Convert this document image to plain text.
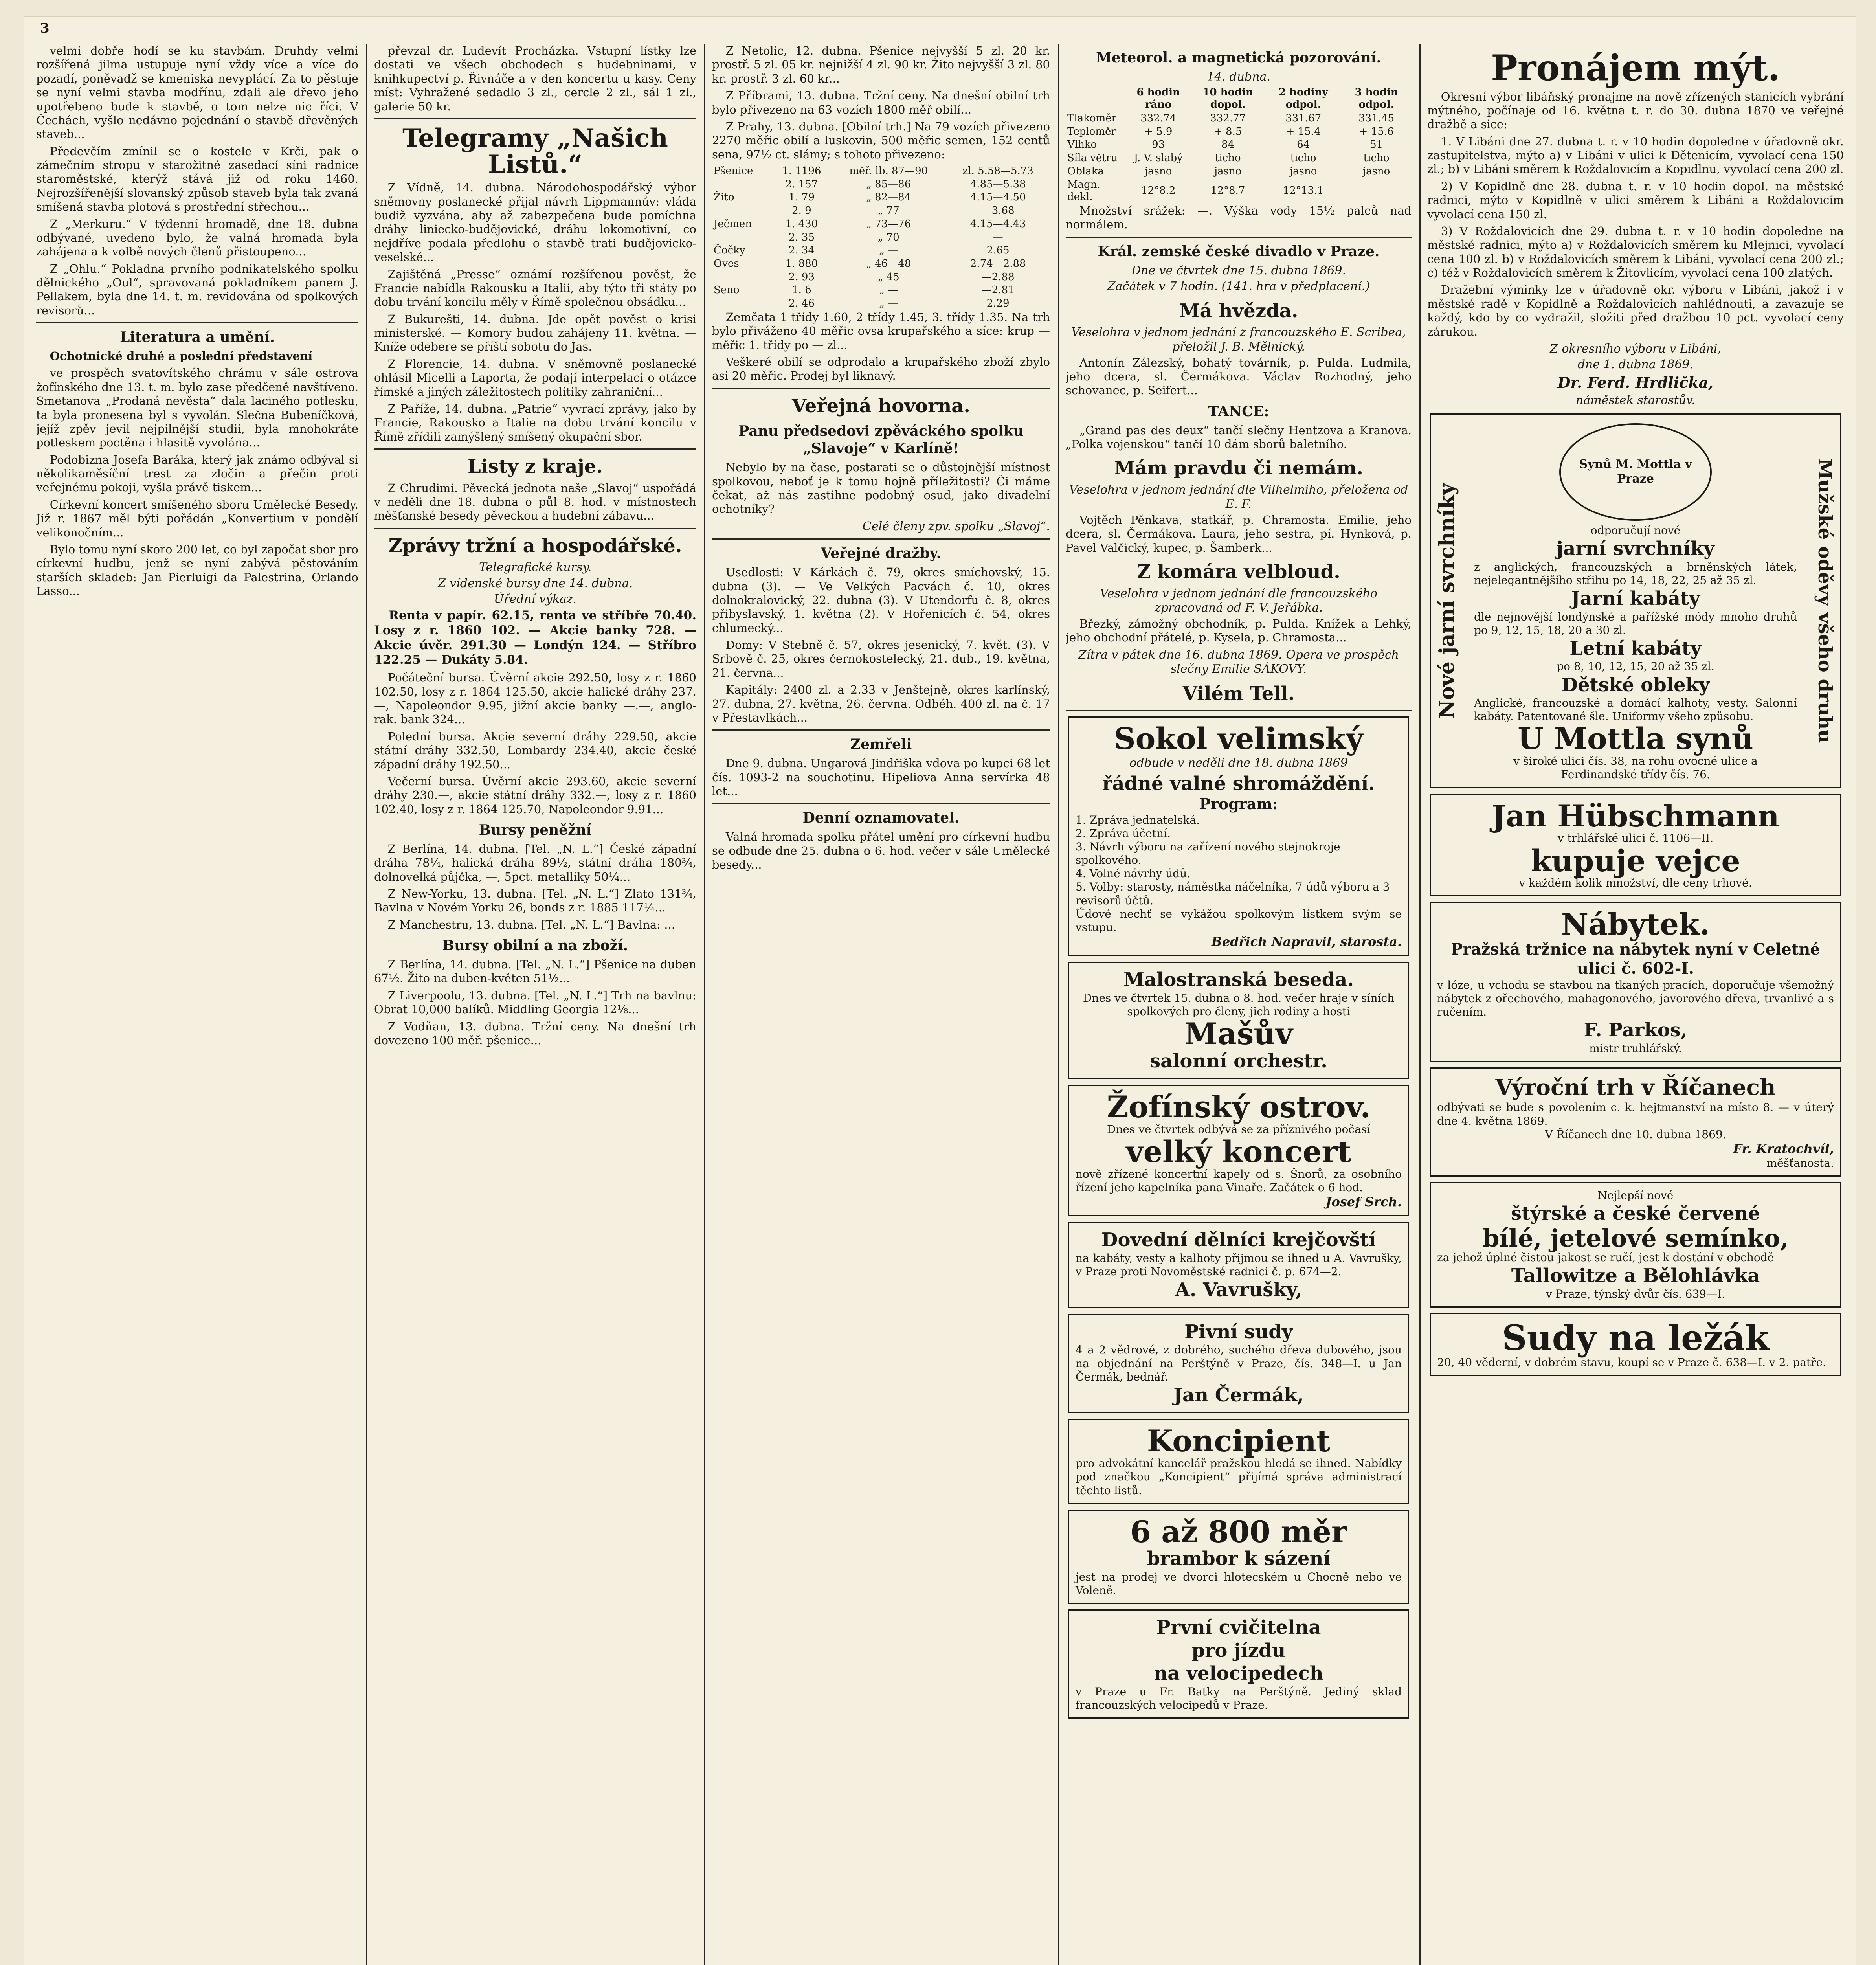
3

velmi dobře hodí se ku stavbám. Druhdy velmi rozšířená jilma ustupuje nyní vždy více a více do pozadí, poněvadž se kmeniska nevyplácí. Za to pěstuje se nyní velmi stavba modřínu, zdali ale dřevo jeho upotřebeno bude k stavbě, o tom nelze nic říci. V Čechách, vyšlo nedávno pojednání o stavbě dřevěných staveb...

Předevčím zmínil se o kostele v Krči, pak o zámečním stropu v starožitné zasedací síni radnice staroměstské, kterýž stává již od roku 1460. Nejrozšířenější slovanský způsob staveb byla tak zvaná smíšená stavba plotová s prostřední střechou...

Z „Merkuru.“ V týdenní hromadě, dne 18. dubna odbývané, uvedeno bylo, že valná hromada byla zahájena a k volbě nových členů přistoupeno...

Z „Ohlu.“ Pokladna prvního podnikatelského spolku dělnického „Oul“, spravovaná pokladníkem panem J. Pellakem, byla dne 14. t. m. revidována od spolkových revisorů...

Literatura a umění.

Ochotnické druhé a poslední představení

ve prospěch svatovítského chrámu v sále ostrova žofínského dne 13. t. m. bylo zase předčeně navštíveno. Smetanova „Prodaná nevěsta“ dala laciného potlesku, ta byla pronesena byl s vyvolán. Slečna Bubeníčková, jejíž zpěv jevil nejpilnější studii, byla mnohokráte potleskem poctěna i hlasitě vyvolána...

Podobizna Josefa Baráka, který jak známo odbýval si několikaměsíční trest za zločin a přečin proti veřejnému pokoji, vyšla právě tiskem...

Církevní koncert smíšeného sboru Umělecké Besedy. Již r. 1867 měl býti pořádán „Konvertium v pondělí velikonočním...

Bylo tomu nyní skoro 200 let, co byl započat sbor pro církevní hudbu, jenž se nyní zabývá pěstováním starších skladeb: Jan Pierluigi da Palestrina, Orlando Lasso...

převzal dr. Ludevít Procházka. Vstupní lístky lze dostati ve všech obchodech s hudebninami, v knihkupectví p. Řivnáče a v den koncertu u kasy. Ceny míst: Vyhražené sedadlo 3 zl., cercle 2 zl., sál 1 zl., galerie 50 kr.

Telegramy „Našich Listů.“

Z Vídně, 14. dubna. Národohospodářský výbor sněmovny poslanecké přijal návrh Lippmannův: vláda budiž vyzvána, aby až zabezpečena bude pomíchna dráhy liniecko-budějovické, dráhu lokomotivní, co nejdříve podala předlohu o stavbě trati budějovicko-veselské...

Zajištěná „Presse“ oznámí rozšířenou pověst, že Francie nabídla Rakousku a Italii, aby týto tři státy po dobu trvání koncilu měly v Římě společnou obsádku...

Z Bukurešti, 14. dubna. Jde opět pověst o krisi ministerské. — Komory budou zahájeny 11. května. — Kníže odebere se příští sobotu do Jas.

Z Florencie, 14. dubna. V sněmovně poslanecké ohlásil Micelli a Laporta, že podají interpelaci o otázce římské a jiných záležitostech politiky zahraniční...

Z Paříže, 14. dubna. „Patrie“ vyvrací zprávy, jako by Francie, Rakousko a Italie na dobu trvání koncilu v Římě zřídili zamýšlený smíšený okupační sbor.

Listy z kraje.

Z Chrudimi. Pěvecká jednota naše „Slavoj“ uspořádá v neděli dne 18. dubna o půl 8. hod. v místnostech měšťanské besedy pěveckou a hudební zábavu...

Zprávy tržní a hospodářské.
Telegrafické kursy.
Z vídenské bursy dne 14. dubna.
Úřední výkaz.

Renta v papír. 62.15, renta ve stříbře 70.40. Losy z r. 1860 102. — Akcie banky 728. — Akcie úvěr. 291.30 — Londýn 124. — Stříbro 122.25 — Dukáty 5.84.

Počáteční bursa. Úvěrní akcie 292.50, losy z r. 1860 102.50, losy z r. 1864 125.50, akcie halické dráhy 237.—, Napoleondor 9.95, jižní akcie banky —.—, anglo-rak. bank 324...

Polední bursa. Akcie severní dráhy 229.50, akcie státní dráhy 332.50, Lombardy 234.40, akcie české západní dráhy 192.50...

Večerní bursa. Úvěrní akcie 293.60, akcie severní dráhy 230.—, akcie státní dráhy 332.—, losy z r. 1860 102.40, losy z r. 1864 125.70, Napoleondor 9.91...

Bursy peněžní

Z Berlína, 14. dubna. [Tel. „N. L.“] České západní dráha 78¼, halická dráha 89½, státní dráha 180¾, dolnovelká půjčka, —, 5pct. metalliky 50¼...

Z New-Yorku, 13. dubna. [Tel. „N. L.“] Zlato 131¾, Bavlna v Novém Yorku 26, bonds z r. 1885 117¼...

Z Manchestru, 13. dubna. [Tel. „N. L.“] Bavlna: ...

Bursy obilní a na zboží.

Z Berlína, 14. dubna. [Tel. „N. L.“] Pšenice na duben 67½. Žito na duben-květen 51½...

Z Liverpoolu, 13. dubna. [Tel. „N. L.“] Trh na bavlnu: Obrat 10,000 balíků. Middling Georgia 12⅛...

Z Vodňan, 13. dubna. Tržní ceny. Na dnešní trh dovezeno 100 měř. pšenice...

Z Netolic, 12. dubna. Pšenice nejvyšší 5 zl. 20 kr. prostř. 5 zl. 05 kr. nejnižší 4 zl. 90 kr. Žito nejvyšší 3 zl. 80 kr. prostř. 3 zl. 60 kr...

Z Příbrami, 13. dubna. Tržní ceny. Na dnešní obilní trh bylo přivezeno na 63 vozích 1800 měř obilí...

Z Prahy, 13. dubna. [Obilní trh.] Na 79 vozích přivezeno 2270 měřic obilí a luskovin, 500 měřic semen, 152 centů sena, 97½ ct. slámy; s tohoto přivezeno:

Pšenice	1. 1196	měř. lb. 87—90	zl. 5.58—5.73
	2. 157	„ 85—86	4.85—5.38
Žito	1. 79	„ 82—84	4.15—4.50
	2. 9	„ 77	—3.68
Ječmen	1. 430	„ 73—76	4.15—4.43
	2. 35	„ 70	—
Čočky	2. 34	„ —	2.65
Oves	1. 880	„ 46—48	2.74—2.88
	2. 93	„ 45	—2.88
Seno	1. 6	„ —	—2.81
	2. 46	„ —	2.29

Zemčata 1 třídy 1.60, 2 třídy 1.45, 3. třídy 1.35. Na trh bylo přiváženo 40 měřic ovsa krupařského a síce: krup — měřic 1. třídy po — zl...

Veškeré obilí se odprodalo a krupařského zboží zbylo asi 20 měřic. Prodej byl liknavý.

Veřejná hovorna.
Panu předsedovi zpěváckého spolku „Slavoje“ v Karlíně!

Nebylo by na čase, postarati se o důstojnější místnost spolkovou, neboť je k tomu hojně příležitosti? Či máme čekat, až nás zastihne podobný osud, jako divadelní ochotníky?

Celé členy zpv. spolku „Slavoj“.
Veřejné dražby.

Usedlosti: V Kárkách č. 79, okres smíchovský, 15. dubna (3). — Ve Velkých Pacvách č. 10, okres dolnokralovický, 22. dubna (3). V Utendorfu č. 8, okres přibyslavský, 1. května (2). V Hořenicích č. 54, okres chlumecký...

Domy: V Stebně č. 57, okres jesenický, 7. květ. (3). V Srbově č. 25, okres černokostelecký, 21. dub., 19. května, 21. června...

Kapitály: 2400 zl. a 2.33 v Jenštejně, okres karlínský, 27. dubna, 27. května, 26. června. Odbéh. 400 zl. na č. 17 v Přestavlkách...

Zemřeli

Dne 9. dubna. Ungarová Jindřiška vdova po kupci 68 let čís. 1093-2 na souchotinu. Hipeliova Anna servírka 48 let...

Denní oznamovatel.

Valná hromada spolku přátel umění pro církevní hudbu se odbude dne 25. dubna o 6. hod. večer v sále Umělecké besedy...

Meteorol. a magnetická pozorování.
14. dubna.
	6 hodin ráno	10 hodin dopol.	2 hodiny odpol.	3 hodin odpol.
Tlakoměr	332.74	332.77	331.67	331.45
Teploměr	+ 5.9	+ 8.5	+ 15.4	+ 15.6
Vlhko	93	84	64	51
Síla větru	J. V. slabý	ticho	ticho	ticho
Oblaka	jasno	jasno	jasno	jasno
Magn. dekl.	12°8.2	12°8.7	12°13.1	—

Množství srážek: —. Výška vody 15½ palců nad normálem.

Král. zemské české divadlo v Praze.
Dne ve čtvrtek dne 15. dubna 1869.
Začátek v 7 hodin. (141. hra v předplacení.)
Má hvězda.
Veselohra v jednom jednání z francouzského E. Scribea, přeložil J. B. Mělnický.

Antonín Zálezský, bohatý továrník, p. Pulda. Ludmila, jeho dcera, sl. Čermákova. Václav Rozhodný, jeho schovanec, p. Seifert...

TANCE:

„Grand pas des deux“ tančí slečny Hentzova a Kranova. „Polka vojenskou“ tančí 10 dám sborů baletního.

Mám pravdu či nemám.
Veselohra v jednom jednání dle Vilhelmiho, přeložena od E. F.

Vojtěch Pěnkava, statkář, p. Chramosta. Emilie, jeho dcera, sl. Čermákova. Laura, jeho sestra, pí. Hynková, p. Pavel Valčický, kupec, p. Šamberk...

Z komára velbloud.
Veselohra v jednom jednání dle francouzského zpracovaná od F. V. Jeřábka.

Březký, zámožný obchodník, p. Pulda. Knížek a Lehký, jeho obchodní přátelé, p. Kysela, p. Chramosta...

Zítra v pátek dne 16. dubna 1869. Opera ve prospěch slečny Emilie SÁKOVY.
Vilém Tell.
Sokol velimský
odbude v neděli dne 18. dubna 1869
řádné valné shromáždění.
Program:
1. Zpráva jednatelská.
2. Zpráva účetní.
3. Návrh výboru na zařízení nového stejnokroje spolkového.
4. Volné návrhy údů.
5. Volby: starosty, náměstka náčelníka, 7 údů výboru a 3 revisorů účtů.
Údové nechť se vykážou spolkovým lístkem svým se vstupu.
Bedřich Napravil, starosta.
Malostranská beseda.
Dnes ve čtvrtek 15. dubna o 8. hod. večer hraje v síních spolkových pro členy, jich rodiny a hosti
Mašův
salonní orchestr.
Žofínský ostrov.
Dnes ve čtvrtek odbývá se za příznivého počasí
velký koncert
nově zřízené koncertní kapely od s. Šnorů, za osobního řízení jeho kapelníka pana Vinaře. Začátek o 6 hod.
Josef Srch.
Dovední dělníci krejčovští
na kabáty, vesty a kalhoty přijmou se ihned u A. Vavrušky, v Praze proti Novoměstské radnici č. p. 674—2.
A. Vavrušky,
Pivní sudy
4 a 2 vědrové, z dobrého, suchého dřeva dubového, jsou na objednání na Perštýně v Praze, čís. 348—I. u Jan Čermák, bednář.
Jan Čermák,
Koncipient
pro advokátní kancelář pražskou hledá se ihned. Nabídky pod značkou „Koncipient“ přijímá správa administrací těchto listů.
6 až 800 měr
brambor k sázení
jest na prodej ve dvorci hlotecském u Chocně nebo ve Voleně.
První cvičitelna
pro jízdu
na velocipedech
v Praze u Fr. Batky na Perštýně. Jediný sklad francouzských velocipedů v Praze.
Pronájem mýt.

Okresní výbor libáňský pronajme na nově zřízených stanicích vybrání mýtného, počínaje od 16. května t. r. do 30. dubna 1870 ve veřejné dražbě a sice:

1. V Libáni dne 27. dubna t. r. v 10 hodin dopoledne v úřadovně okr. zastupitelstva, mýto a) v Libáni v ulici k Dětenicím, vyvolací cena 150 zl.; b) v Libáni směrem k Roždalovicím a Kopidlnu, vyvolací cena 200 zl.

2) V Kopidlně dne 28. dubna t. r. v 10 hodin dopol. na městské radnici, mýto v Kopidlně v ulici směrem k Libáni a Roždalovicím vyvolací cena 150 zl.

3) V Roždalovicích dne 29. dubna t. r. v 10 hodin dopoledne na městské radnici, mýto a) v Roždalovicích směrem ku Mlejnici, vyvolací cena 100 zl. b) v Roždalovicích směrem k Libáni, vyvolací cena 200 zl.; c) též v Roždalovicích směrem k Žitovlicím, vyvolací cena 100 zlatých.

Dražební výminky lze v úřadovně okr. výboru v Libáni, jakož i v městské radě v Kopidlně a Roždalovicích nahlédnouti, a zavazuje se každý, kdo by co vydražil, složiti před dražbou 10 pct. vyvolací ceny zárukou.

Z okresního výboru v Libáni,
dne 1. dubna 1869.
Dr. Ferd. Hrdlička,
náměstek starostův.
Nové jarní svrchníky	Mužské oděvy všeho druhu
Synů M. Mottla v Praze
odporučují nové
jarní svrchníky
z anglických, francouzských a brněnských látek, nejelegantnějšího střihu po 14, 18, 22, 25 až 35 zl.
Jarní kabáty
dle nejnovější londýnské a pařížské módy mnoho druhů po 9, 12, 15, 18, 20 a 30 zl.
Letní kabáty
po 8, 10, 12, 15, 20 až 35 zl.
Dětské obleky
Anglické, francouzské a domácí kalhoty, vesty. Salonní kabáty. Patentované šle. Uniformy všeho způsobu.
U Mottla synů
v široké ulici čís. 38, na rohu ovocné ulice a Ferdinandské třídy čís. 76.
Jan Hübschmann
v trhlářské ulici č. 1106—II.
kupuje vejce
v každém kolik množství, dle ceny trhové.
Nábytek.
Pražská tržnice na nábytek nyní v Celetné ulici č. 602-I.
v lóze, u vchodu se stavbou na tkaných pracích, doporučuje všemožný nábytek z ořechového, mahagonového, javorového dřeva, trvanlivé a s ručením.
F. Parkos,
mistr truhlářský.
Výroční trh v Říčanech
odbývati se bude s povolením c. k. hejtmanství na místo 8. — v úterý dne 4. května 1869.
V Říčanech dne 10. dubna 1869.
Fr. Kratochvíl,
měšťanosta.
Nejlepší nové
štýrské a české červené
bílé, jetelové semínko,
za jehož úplné čistou jakost se ručí, jest k dostání v obchodě
Tallowitze a Bělohlávka
v Praze, týnský dvůr čís. 639—I.
Sudy na ležák
20, 40 věderní, v dobrém stavu, koupí se v Praze č. 638—I. v 2. patře.
